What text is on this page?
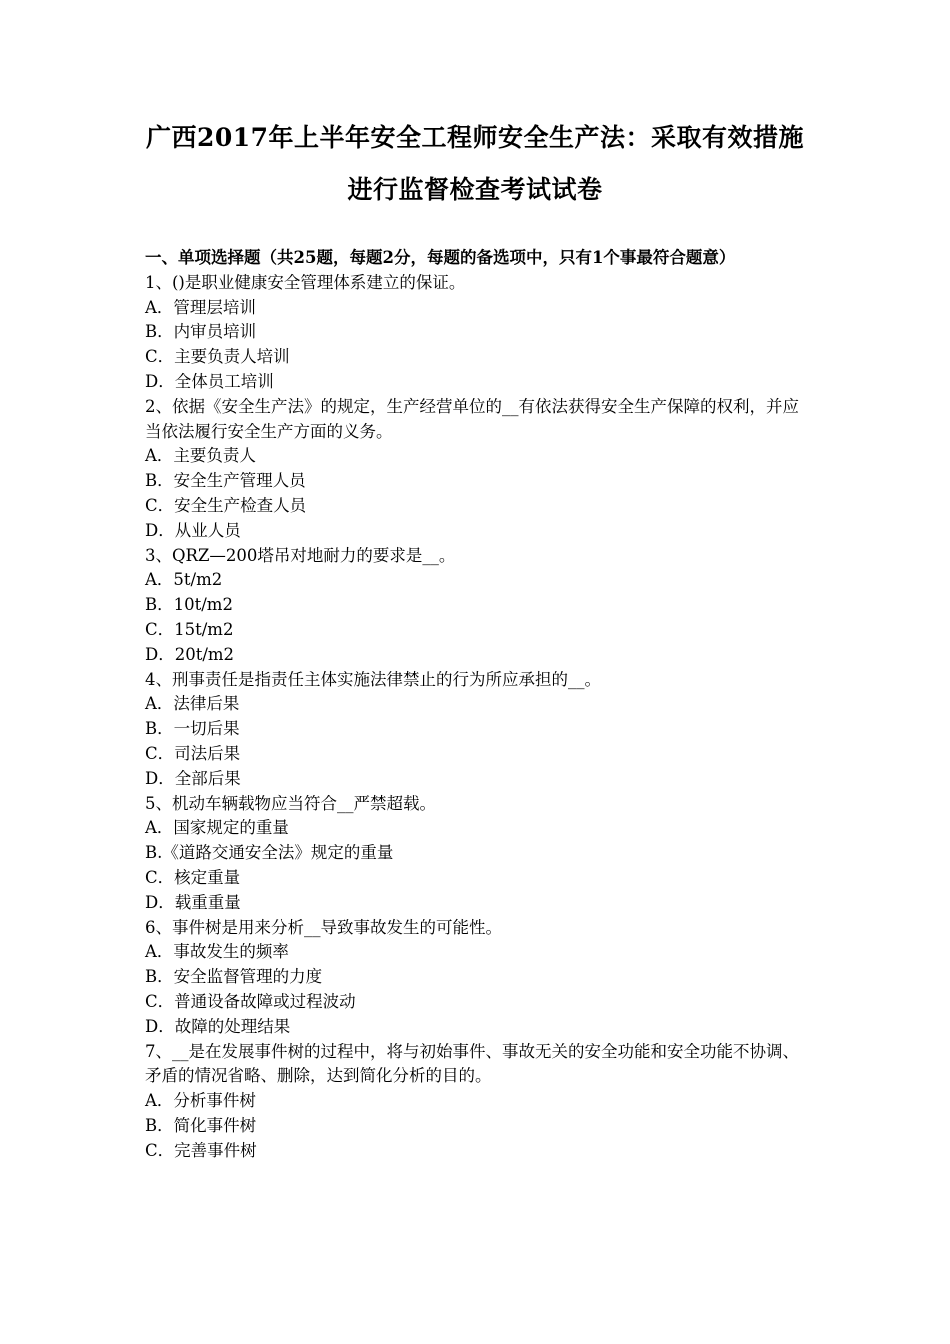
广西2017年上半年安全工程师安全生产法：采取有效措施
进行监督检查考试试卷

一、单项选择题（共25题，每题2分，每题的备选项中，只有1个事最符合题意）

1、()是职业健康安全管理体系建立的保证。

A．管理层培训

B．内审员培训

C．主要负责人培训

D．全体员工培训

2、依据《安全生产法》的规定，生产经营单位的__有依法获得安全生产保障的权利，并应当依法履行安全生产方面的义务。

A．主要负责人

B．安全生产管理人员

C．安全生产检查人员

D．从业人员

3、QRZ—200塔吊对地耐力的要求是__。

A．5t/m2

B．10t/m2

C．15t/m2

D．20t/m2

4、刑事责任是指责任主体实施法律禁止的行为所应承担的__。

A．法律后果

B．一切后果

C．司法后果

D．全部后果

5、机动车辆载物应当符合__严禁超载。

A．国家规定的重量

B.《道路交通安全法》规定的重量

C．核定重量

D．载重重量

6、事件树是用来分析__导致事故发生的可能性。

A．事故发生的频率

B．安全监督管理的力度

C．普通设备故障或过程波动

D．故障的处理结果

7、__是在发展事件树的过程中，将与初始事件、事故无关的安全功能和安全功能不协调、矛盾的情况省略、删除，达到简化分析的目的。

A．分析事件树

B．简化事件树

C．完善事件树
